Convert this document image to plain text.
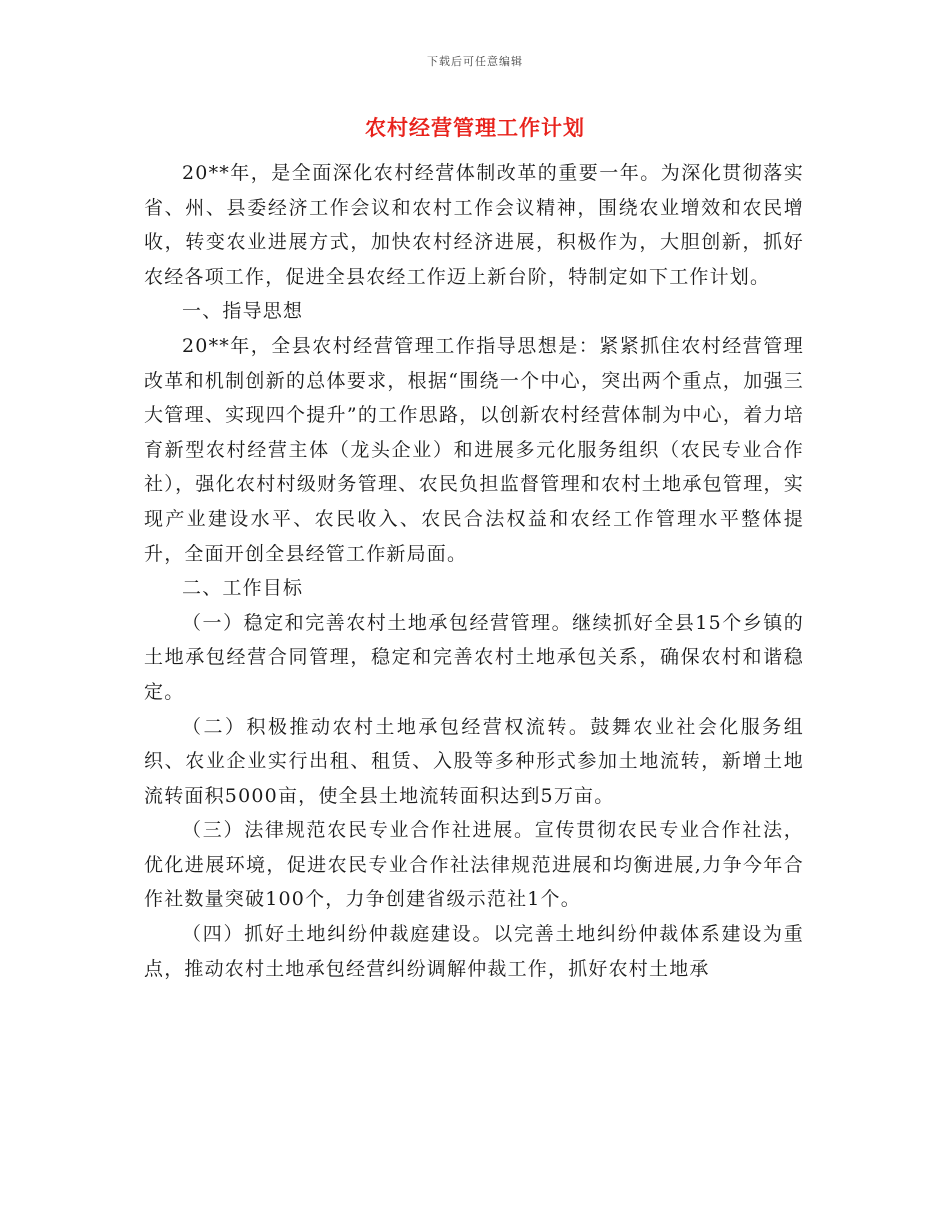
下载后可任意编辑
农村经营管理工作计划

20**年，是全面深化农村经营体制改革的重要一年。为深化贯彻落实省、州、县委经济工作会议和农村工作会议精神，围绕农业增效和农民增收，转变农业进展方式，加快农村经济进展，积极作为，大胆创新，抓好农经各项工作，促进全县农经工作迈上新台阶，特制定如下工作计划。

一、指导思想

20**年，全县农村经营管理工作指导思想是：紧紧抓住农村经营管理改革和机制创新的总体要求，根据“围绕一个中心，突出两个重点，加强三大管理、实现四个提升”的工作思路，以创新农村经营体制为中心，着力培育新型农村经营主体（龙头企业）和进展多元化服务组织（农民专业合作社），强化农村村级财务管理、农民负担监督管理和农村土地承包管理，实现产业建设水平、农民收入、农民合法权益和农经工作管理水平整体提升，全面开创全县经管工作新局面。

二、工作目标

（一）稳定和完善农村土地承包经营管理。继续抓好全县15个乡镇的土地承包经营合同管理，稳定和完善农村土地承包关系，确保农村和谐稳定。

（二）积极推动农村土地承包经营权流转。鼓舞农业社会化服务组织、农业企业实行出租、租赁、入股等多种形式参加土地流转，新增土地流转面积5000亩，使全县土地流转面积达到5万亩。

（三）法律规范农民专业合作社进展。宣传贯彻农民专业合作社法，优化进展环境，促进农民专业合作社法律规范进展和均衡进展,力争今年合作社数量突破100个，力争创建省级示范社1个。

（四）抓好土地纠纷仲裁庭建设。以完善土地纠纷仲裁体系建设为重点，推动农村土地承包经营纠纷调解仲裁工作，抓好农村土地承
